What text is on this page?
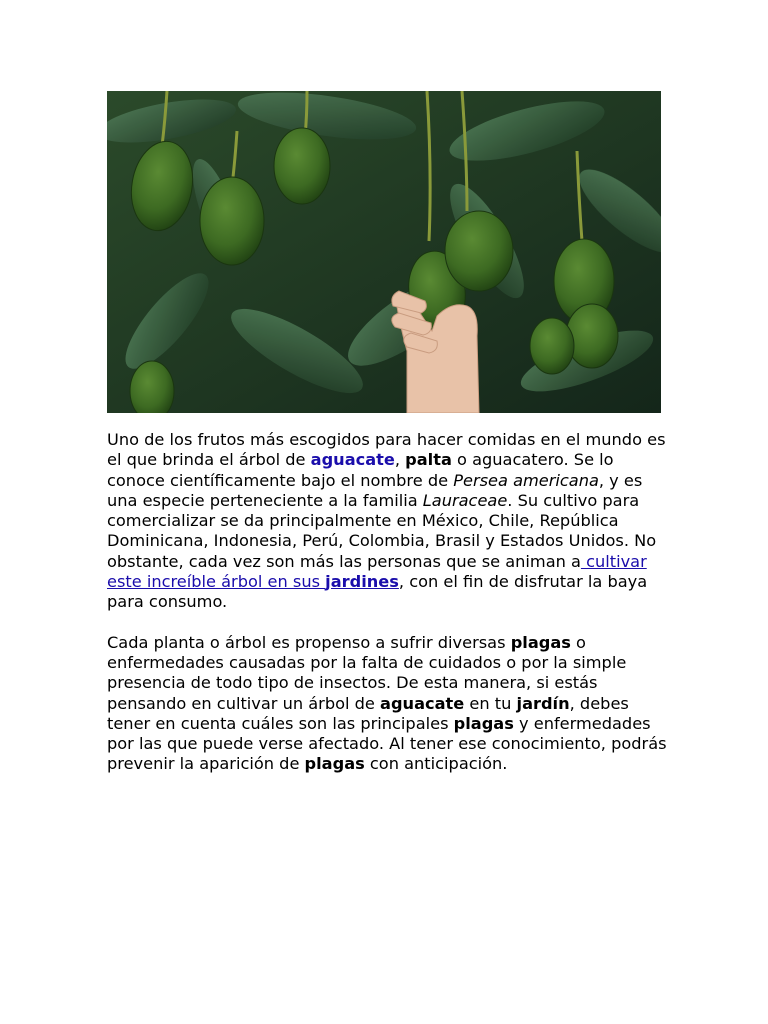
Uno de los frutos más escogidos para hacer comidas en el mundo es el que brinda el árbol de aguacate, palta o aguacatero. Se lo conoce científicamente bajo el nombre de Persea americana, y es una especie perteneciente a la familia Lauraceae. Su cultivo para comercializar se da principalmente en México, Chile, República Dominicana, Indonesia, Perú, Colombia, Brasil y Estados Unidos. No obstante, cada vez son más las personas que se animan a cultivar este increíble árbol en sus jardines, con el fin de disfrutar la baya para consumo.

Cada planta o árbol es propenso a sufrir diversas plagas o enfermedades causadas por la falta de cuidados o por la simple presencia de todo tipo de insectos. De esta manera, si estás pensando en cultivar un árbol de aguacate en tu jardín, debes tener en cuenta cuáles son las principales plagas y enfermedades por las que puede verse afectado. Al tener ese conocimiento, podrás prevenir la aparición de plagas con anticipación.
